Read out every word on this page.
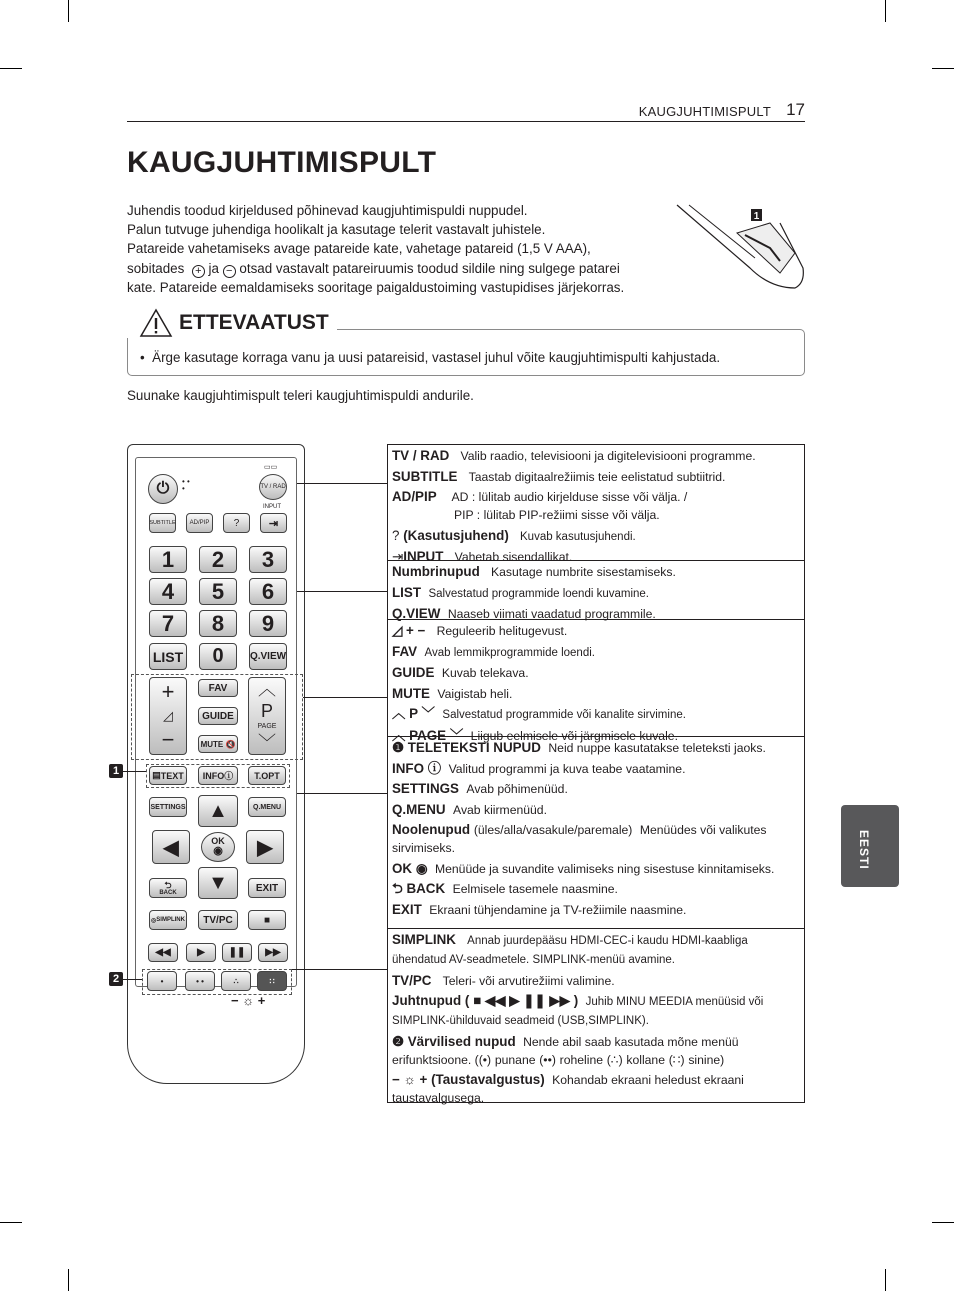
KAUGJUHTIMISPULT 17
KAUGJUHTIMISPULT
Juhendis toodud kirjeldused põhinevad kaugjuhtimispuldi nuppudel.
Palun tutvuge juhendiga hoolikalt ja kasutage telerit vastavalt juhistele.
Patareide vahetamiseks avage patareide kate, vahetage patareid (1,5 V AAA),
sobitades + ja − otsad vastavalt patareiruumis toodud sildile ning sulgege patarei
kate. Patareide eemaldamiseks sooritage paigaldustoiming vastupidises järjekorras.
1
ETTEVAATUST
•  Ärge kasutage korraga vanu ja uusi patareisid, vastasel juhul võite kaugjuhtimispulti kahjustada.
Suunake kaugjuhtimispult teleri kaugjuhtimispuldi andurile.
EESTI
⏻	• •
•	TV / RAD
▭▭
INPUT
SUBTITLE	AD/PIP	?	⇥
1	2	3
4	5	6
7	8	9
LIST	0	Q.VIEW
+
◿
−
FAV
GUIDE
MUTE 🔇
︿
P
PAGE
﹀
1	▤ TEXT INFO ⓘ	T.OPT
SETTINGS	Q.MENU
▲
◀	OK
◉	▶
▼
⮌
BACK	EXIT
◎ SIMPLINK	TV/PC	■
◀◀	▶	❚❚	▶▶
2	•	• •	∴	∷
− ☼ +

TV / RAD Valib raadio, televisiooni ja digitelevisiooni programme.

SUBTITLE Taastab digitaalrežiimis teie eelistatud subtiitrid.

AD/PIP AD : lülitab audio kirjelduse sisse või välja. /

PIP : lülitab PIP-režiimi sisse või välja.

? (Kasutusjuhend) Kuvab kasutusjuhendi.

⇥INPUT Vahetab sisendallikat.

Numbrinupud Kasutage numbrite sisestamiseks.

LIST Salvestatud programmide loendi kuvamine.

Q.VIEW Naaseb viimati vaadatud programmile.

◿ + − Reguleerib helitugevust.

FAV Avab lemmikprogrammide loendi.

GUIDE Kuvab telekava.

MUTE Vaigistab heli.

︿ P ﹀ Salvestatud programmide või kanalite sirvimine.

︿ PAGE ﹀ Liigub eelmisele või järgmisele kuvale.

❶ TELETEKSTI NUPUD Neid nuppe kasutatakse teleteksti jaoks.

INFO ⓘ Valitud programmi ja kuva teabe vaatamine.

SETTINGS Avab põhimenüüd.

Q.MENU Avab kiirmenüüd.

Noolenupud (üles/alla/vasakule/paremale) Menüüdes või valikutes sirvimiseks.

OK ◉ Menüüde ja suvandite valimiseks ning sisestuse kinnitamiseks.

⮌ BACK Eelmisele tasemele naasmine.

EXIT Ekraani tühjendamine ja TV-režiimile naasmine.

SIMPLINK Annab juurdepääsu HDMI-CEC-i kaudu HDMI-kaabliga ühendatud AV-seadmetele. SIMPLINK-menüü avamine.

TV/PC Teleri- või arvutirežiimi valimine.

Juhtnupud ( ■ ◀◀ ▶ ❚❚ ▶▶ ) Juhib MINU MEEDIA menüüsid või SIMPLINK-ühilduvaid seadmeid (USB,SIMPLINK).

❷ Värvilised nupud Nende abil saab kasutada mõne menüü erifunktsioone. ((•) punane (••) roheline (∴) kollane (∷) sinine)

− ☼ + (Taustavalgustus) Kohandab ekraani heledust ekraani taustavalgusega.
